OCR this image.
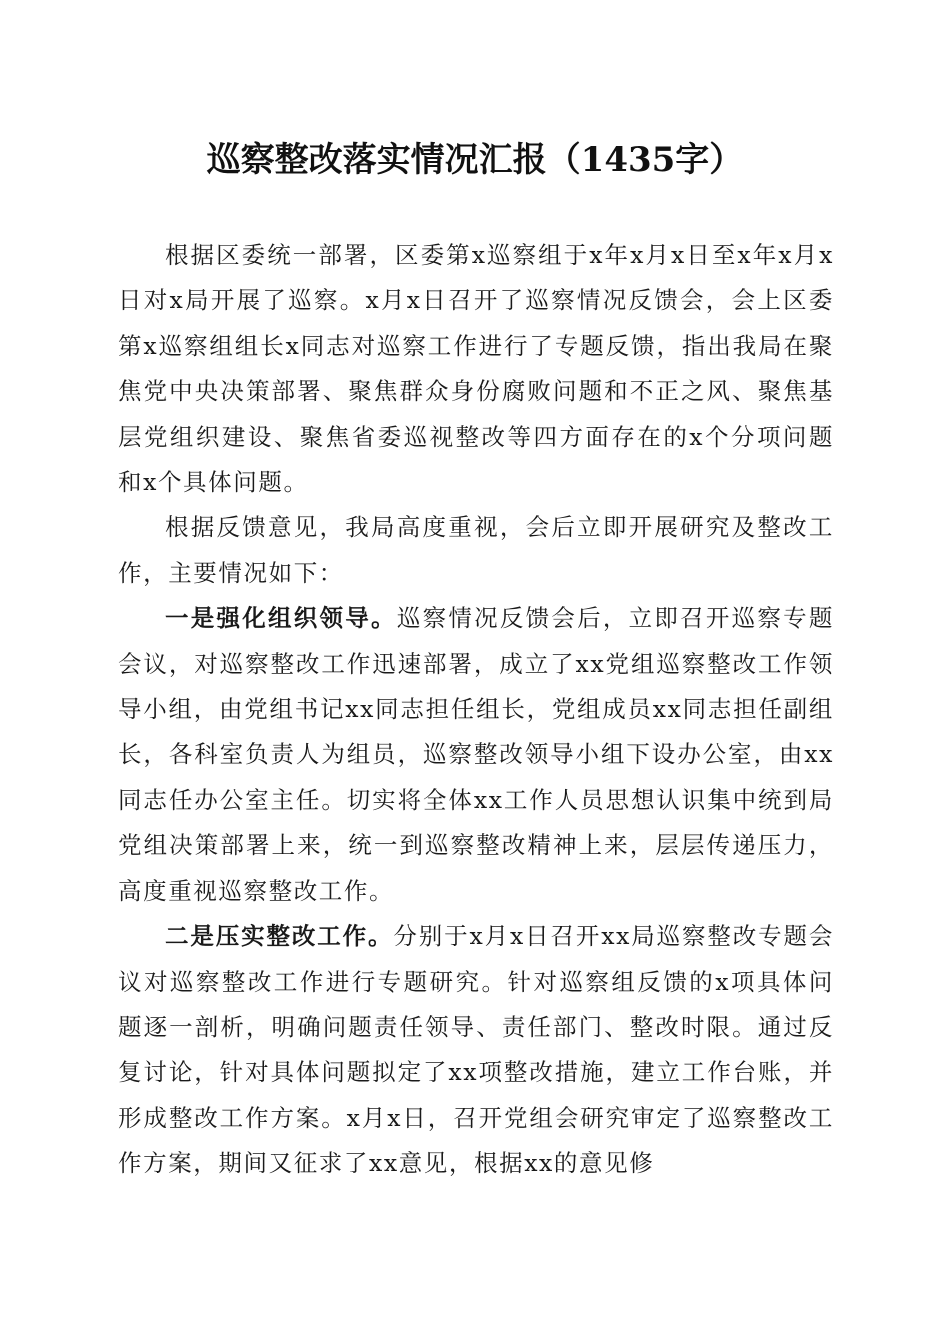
巡察整改落实情况汇报（1435字）

根据区委统一部署，区委第x巡察组于x年x月x日至x年x月x日对x局开展了巡察。x月x日召开了巡察情况反馈会，会上区委第x巡察组组长x同志对巡察工作进行了专题反馈，指出我局在聚焦党中央决策部署、聚焦群众身份腐败问题和不正之风、聚焦基层党组织建设、聚焦省委巡视整改等四方面存在的x个分项问题和x个具体问题。

根据反馈意见，我局高度重视，会后立即开展研究及整改工作，主要情况如下：

一是强化组织领导。巡察情况反馈会后，立即召开巡察专题会议，对巡察整改工作迅速部署，成立了xx党组巡察整改工作领导小组，由党组书记xx同志担任组长，党组成员xx同志担任副组长，各科室负责人为组员，巡察整改领导小组下设办公室，由xx同志任办公室主任。切实将全体xx工作人员思想认识集中统到局党组决策部署上来，统一到巡察整改精神上来，层层传递压力，高度重视巡察整改工作。

二是压实整改工作。分别于x月x日召开xx局巡察整改专题会议对巡察整改工作进行专题研究。针对巡察组反馈的x项具体问题逐一剖析，明确问题责任领导、责任部门、整改时限。通过反复讨论，针对具体问题拟定了xx项整改措施，建立工作台账，并形成整改工作方案。x月x日，召开党组会研究审定了巡察整改工作方案，期间又征求了xx意见，根据xx的意见修
